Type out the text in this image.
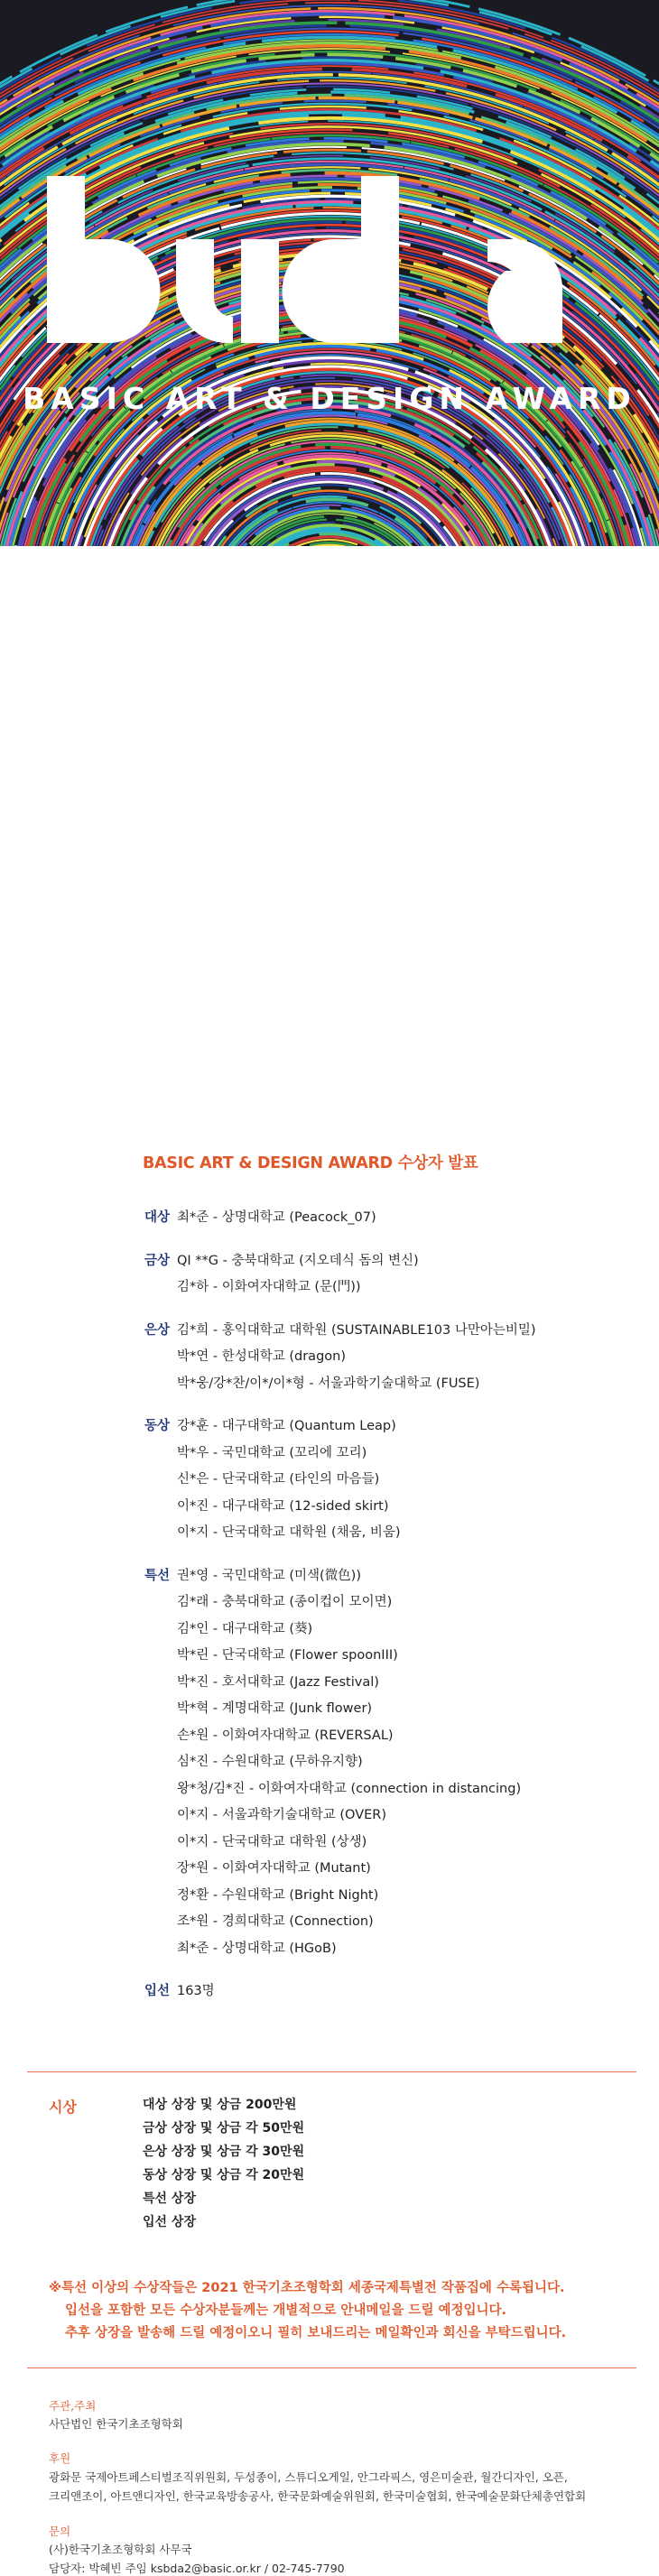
BASIC ART & DESIGN AWARD
BASIC ART & DESIGN AWARD 수상자 발표
대상 최*준 - 상명대학교 (Peacock_07)
금상 QI **G - 충북대학교 (지오데식 돔의 변신)
김*하 - 이화여자대학교 (문(門))
은상 김*희 - 홍익대학교 대학원 (SUSTAINABLE103 나만아는비밀)
박*연 - 한성대학교 (dragon)
박*웅/강*찬/이*/이*형 - 서울과학기술대학교 (FUSE)
동상 강*훈 - 대구대학교 (Quantum Leap)
박*우 - 국민대학교 (꼬리에 꼬리)
신*은 - 단국대학교 (타인의 마음들)
이*진 - 대구대학교 (12-sided skirt)
이*지 - 단국대학교 대학원 (채움, 비움)
특선 권*영 - 국민대학교 (미색(微色))
김*래 - 충북대학교 (종이컵이 모이면)
김*인 - 대구대학교 (葵)
박*린 - 단국대학교 (Flower spoonIII)
박*진 - 호서대학교 (Jazz Festival)
박*혁 - 계명대학교 (Junk flower)
손*원 - 이화여자대학교 (REVERSAL)
심*진 - 수원대학교 (무하유지향)
왕*청/김*진 - 이화여자대학교 (connection in distancing)
이*지 - 서울과학기술대학교 (OVER)
이*지 - 단국대학교 대학원 (상생)
장*원 - 이화여자대학교 (Mutant)
정*환 - 수원대학교 (Bright Night)
조*원 - 경희대학교 (Connection)
최*준 - 상명대학교 (HGoB)
입선 163명
시상	대상 상장 및 상금 200만원
금상 상장 및 상금 각 50만원
은상 상장 및 상금 각 30만원
동상 상장 및 상금 각 20만원
특선 상장
입선 상장
※특선 이상의 수상작들은 2021 한국기초조형학회 세종국제특별전 작품집에 수록됩니다.
입선을 포함한 모든 수상자분들께는 개별적으로 안내메일을 드릴 예정입니다.
추후 상장을 발송해 드릴 예정이오니 필히 보내드리는 메일확인과 회신을 부탁드립니다.
주관,주최
사단법인 한국기초조형학회
후원
광화문 국제아트페스티벌조직위원회, 두성종이, 스튜디오게일, 안그라픽스, 영은미술관, 월간디자인, 오픈,
크리앤조이, 아트앤디자인, 한국교육방송공사, 한국문화예술위원회, 한국미술협회, 한국예술문화단체총연합회
문의
(사)한국기초조형학회 사무국
담당자: 박혜빈 주임 ksbda2@basic.or.kr / 02-745-7790
